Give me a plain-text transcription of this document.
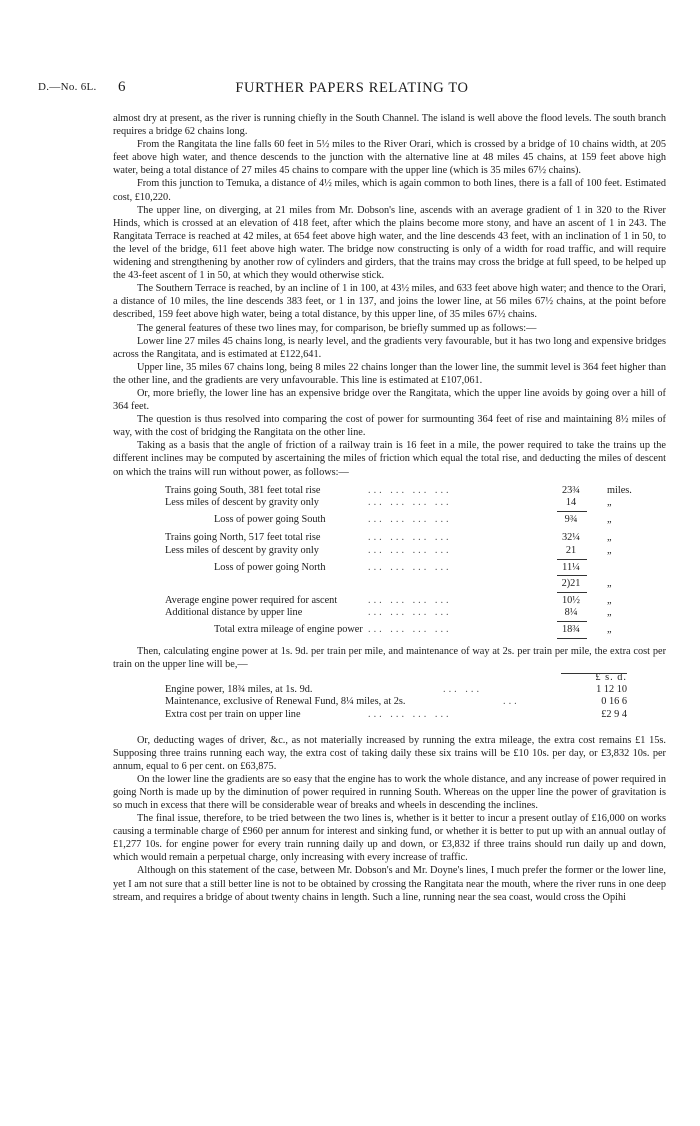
D.—No. 6L. 6	FURTHER PAPERS RELATING TO

almost dry at present, as the river is running chiefly in the South Channel. The island is well above the flood levels. The south branch requires a bridge 62 chains long.

From the Rangitata the line falls 60 feet in 5½ miles to the River Orari, which is crossed by a bridge of 10 chains width, at 205 feet above high water, and thence descends to the junction with the alternative line at 48 miles 45 chains, at 159 feet above high water, being a total distance of 27 miles 45 chains to compare with the upper line (which is 35 miles 67½ chains).

From this junction to Temuka, a distance of 4½ miles, which is again common to both lines, there is a fall of 100 feet. Estimated cost, £10,220.

The upper line, on diverging, at 21 miles from Mr. Dobson's line, ascends with an average gradient of 1 in 320 to the River Hinds, which is crossed at an elevation of 418 feet, after which the plains become more stony, and have an ascent of 1 in 243. The Rangitata Terrace is reached at 42 miles, at 654 feet above high water, and the line descends 43 feet, with an inclination of 1 in 50, to the level of the bridge, 611 feet above high water. The bridge now constructing is only of a width for road traffic, and will require widening and strengthening by another row of cylinders and girders, that the trains may cross the bridge at full speed, to be helped up the 43-feet ascent of 1 in 50, at which they would otherwise stick.

The Southern Terrace is reached, by an incline of 1 in 100, at 43½ miles, and 633 feet above high water; and thence to the Orari, a distance of 10 miles, the line descends 383 feet, or 1 in 137, and joins the lower line, at 56 miles 67½ chains, at the point before described, 159 feet above high water, being a total distance, by this upper line, of 35 miles 67½ chains.

The general features of these two lines may, for comparison, be briefly summed up as follows:—

Lower line 27 miles 45 chains long, is nearly level, and the gradients very favourable, but it has two long and expensive bridges across the Rangitata, and is estimated at £122,641.

Upper line, 35 miles 67 chains long, being 8 miles 22 chains longer than the lower line, the summit level is 364 feet higher than the other line, and the gradients are very unfavourable. This line is estimated at £107,061.

Or, more briefly, the lower line has an expensive bridge over the Rangitata, which the upper line avoids by going over a hill of 364 feet.

The question is thus resolved into comparing the cost of power for surmounting 364 feet of rise and maintaining 8½ miles of way, with the cost of bridging the Rangitata on the other line.

Taking as a basis that the angle of friction of a railway train is 16 feet in a mile, the power required to take the trains up the different inclines may be computed by ascertaining the miles of friction which equal the total rise, and deducting the miles of descent on which the trains will run without power, as follows:—

Trains going South, 381 feet total rise	... ... ... ...	23¾	miles.
Less miles of descent by gravity only	... ... ... ...	14	„
Loss of power going South	... ... ... ...	9¾	„
Trains going North, 517 feet total rise	... ... ... ...	32¼	„
Less miles of descent by gravity only	... ... ... ...	21	„
Loss of power going North	... ... ... ...	11¼
2)21	„
Average engine power required for ascent	... ... ... ...	10½	„
Additional distance by upper line	... ... ... ...	8¼	„
Total extra mileage of engine power ... ... ... ...	18¾	„

Then, calculating engine power at 1s. 9d. per train per mile, and maintenance of way at 2s. per train per mile, the extra cost per train on the upper line will be,—

£ s. d.
Engine power, 18¾ miles, at 1s. 9d.	... ...	1 12 10
Maintenance, exclusive of Renewal Fund, 8¼ miles, at 2s.	...	0 16 6
Extra cost per train on upper line	... ... ... ...	£2 9 4

Or, deducting wages of driver, &c., as not materially increased by running the extra mileage, the extra cost remains £1 15s. Supposing three trains running each way, the extra cost of taking daily these six trains will be £10 10s. per day, or £3,832 10s. per annum, equal to 6 per cent. on £63,875.

On the lower line the gradients are so easy that the engine has to work the whole distance, and any increase of power required in going North is made up by the diminution of power required in running South. Whereas on the upper line the power of gravitation is so much in excess that there will be considerable wear of breaks and wheels in descending the inclines.

The final issue, therefore, to be tried between the two lines is, whether is it better to incur a present outlay of £16,000 on works causing a terminable charge of £960 per annum for interest and sinking fund, or whether it is better to put up with an annual outlay of £1,277 10s. for engine power for every train running daily up and down, or £3,832 if three trains should run daily up and down, which would remain a perpetual charge, only increasing with every increase of traffic.

Although on this statement of the case, between Mr. Dobson's and Mr. Doyne's lines, I much prefer the former or the lower line, yet I am not sure that a still better line is not to be obtained by crossing the Rangitata near the mouth, where the river runs in one deep stream, and requires a bridge of about twenty chains in length. Such a line, running near the sea coast, would cross the Opihi
